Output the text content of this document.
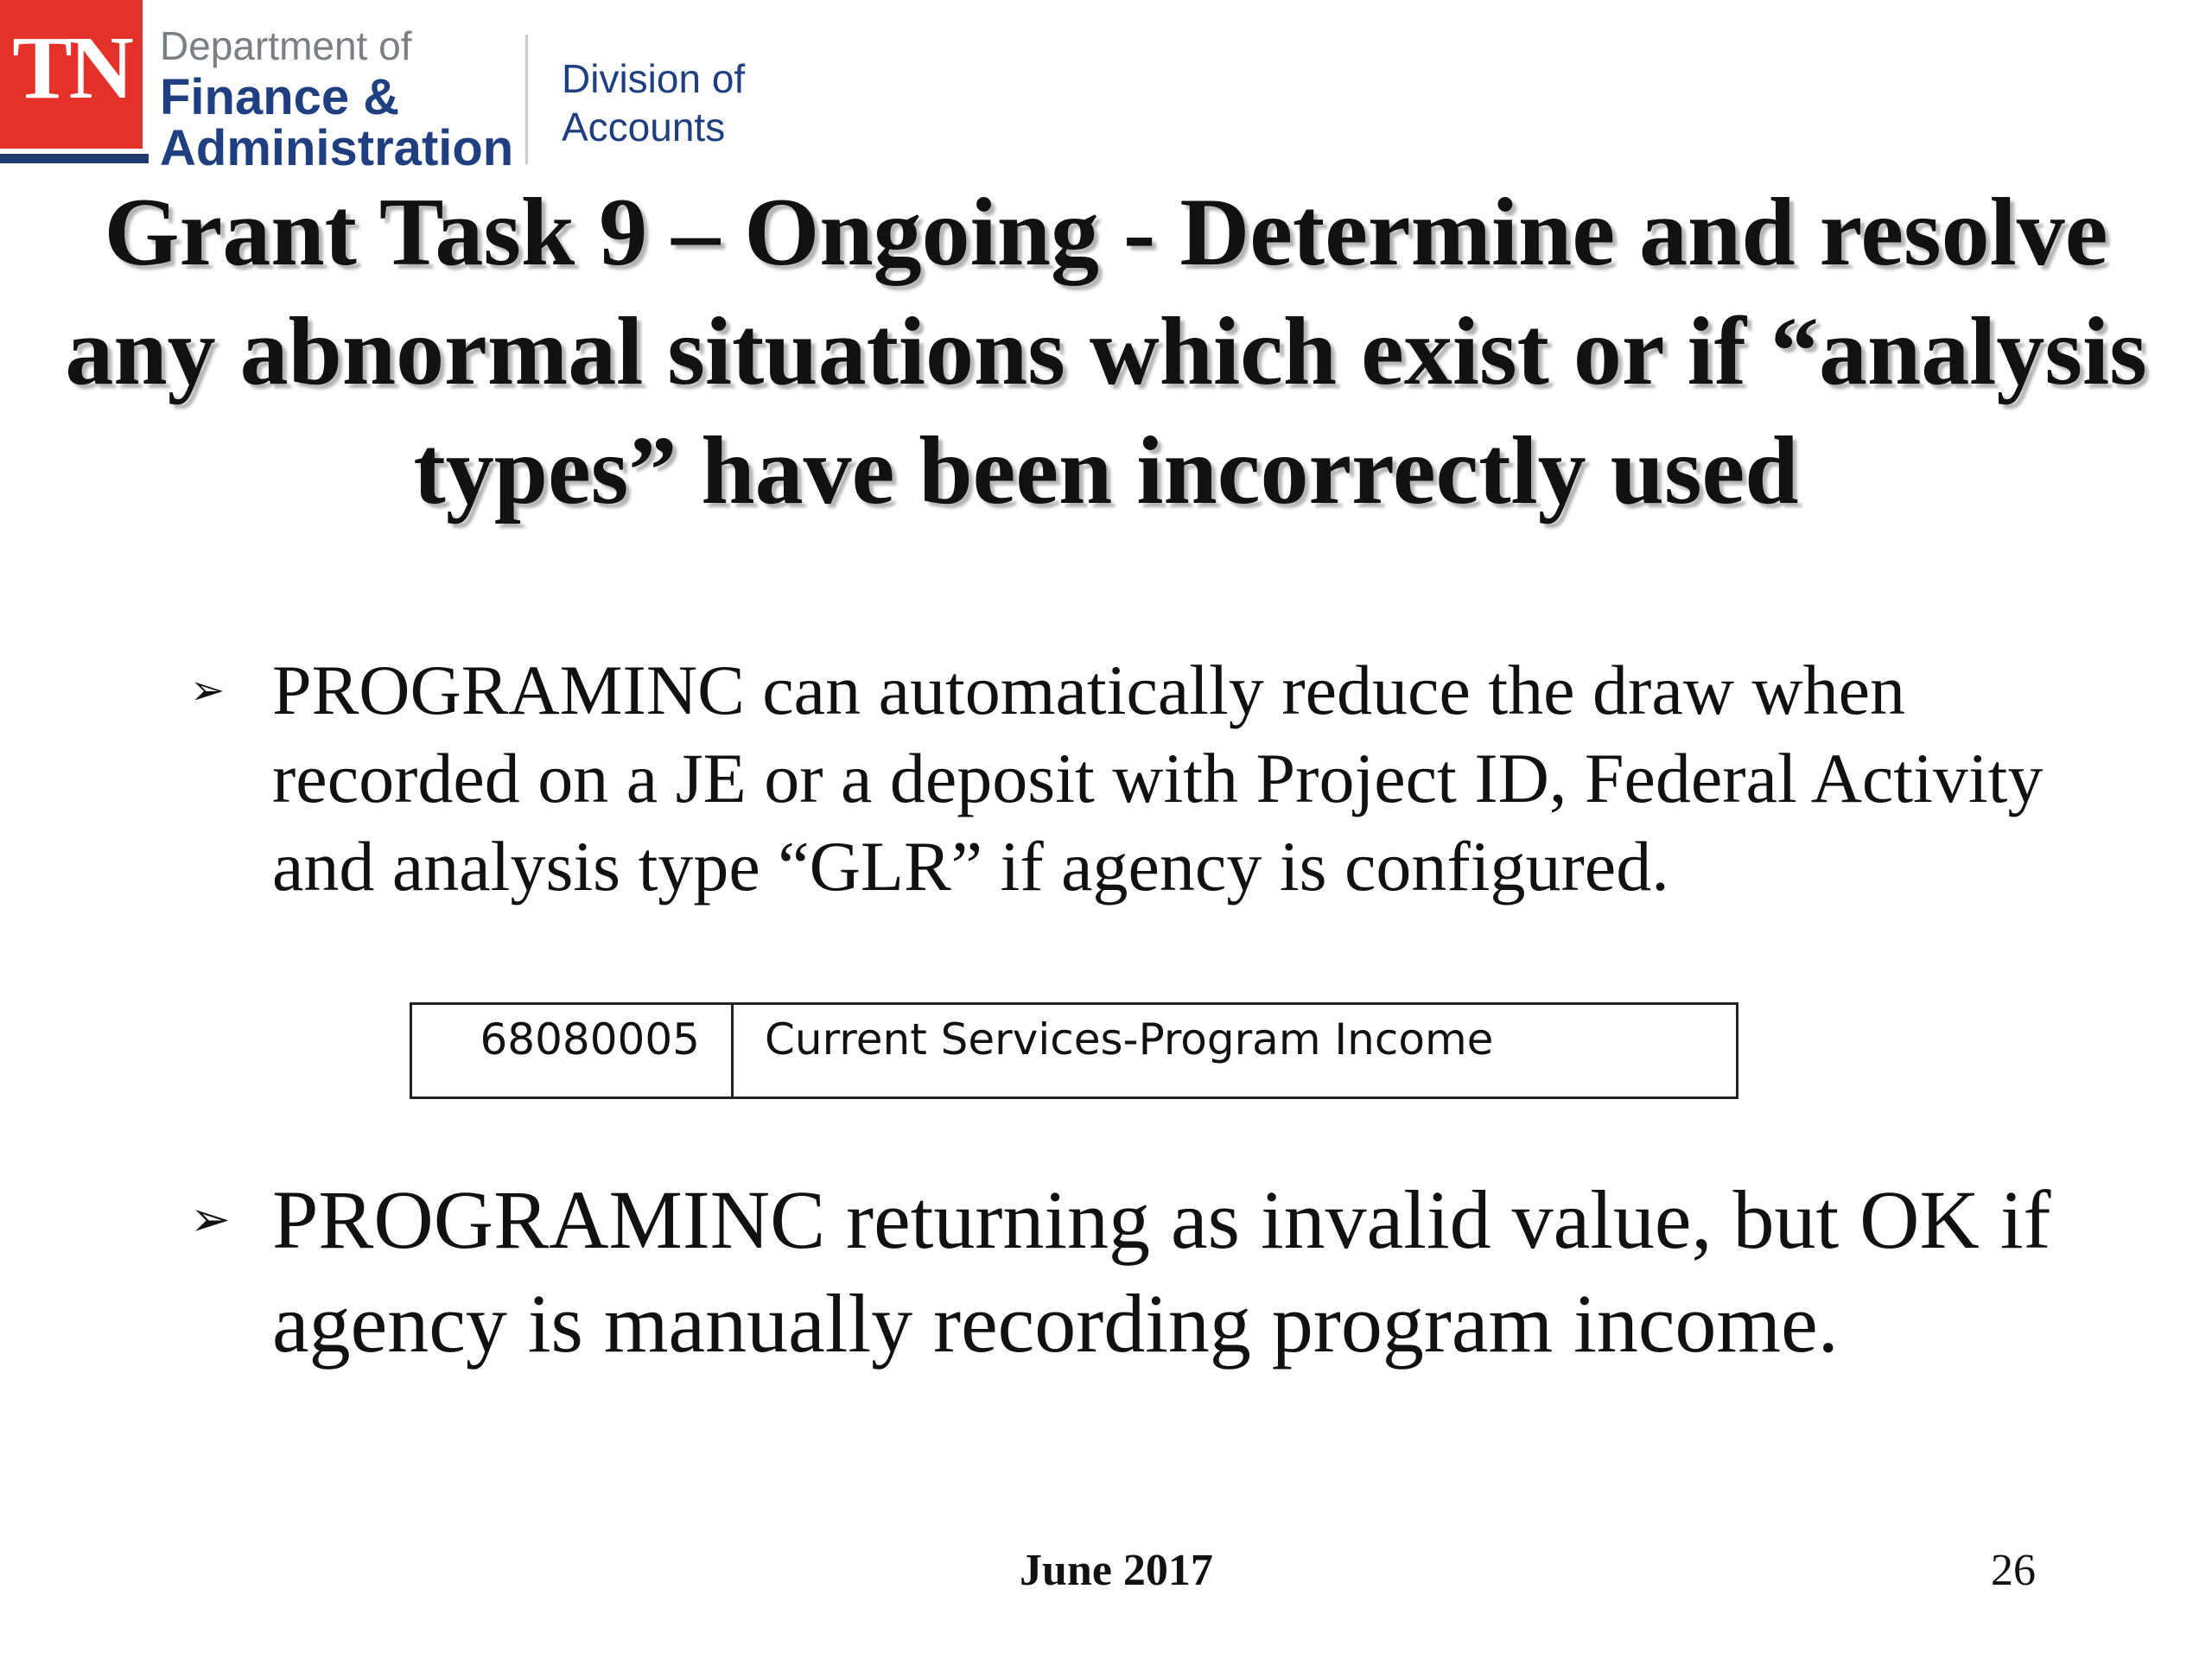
TN Department of
Finance &
Administration
Division of
Accounts
Grant Task 9 – Ongoing - Determine and resolve any abnormal situations which exist or if “analysis types” have been incorrectly used
➢ PROGRAMINC can automatically reduce the draw when recorded on a JE or a deposit with Project ID, Federal Activity and analysis type “GLR” if agency is configured.
68080005	Current Services-Program Income
➢ PROGRAMINC returning as invalid value, but OK if agency is manually recording program income.
June 2017	26
